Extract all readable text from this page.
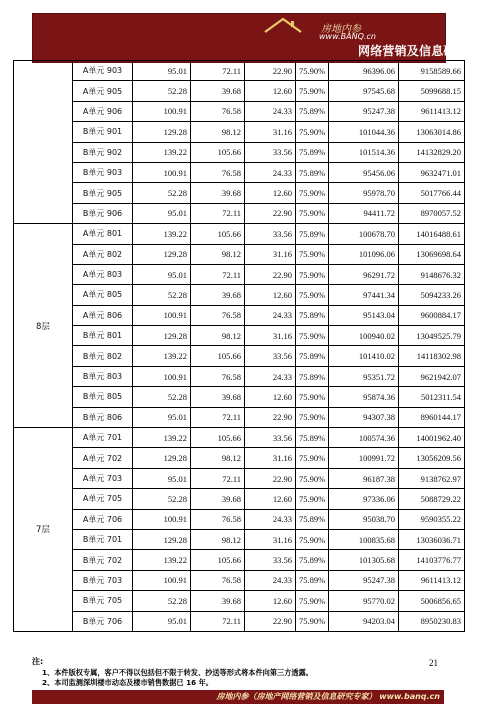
房地内参
www.BANQ.cn
网络营销及信息研究专家
	A单元 903	95.01	72.11	22.90	75.90%	96396.06	9158589.66
	A单元 905	52.28	39.68	12.60	75.90%	97545.68	5099688.15
	A单元 906	100.91	76.58	24.33	75.89%	95247.38	9611413.12
	B单元 901	129.28	98.12	31.16	75.90%	101044.36	13063014.86
	B单元 902	139.22	105.66	33.56	75.89%	101514.36	14132829.20
	B单元 903	100.91	76.58	24.33	75.89%	95456.06	9632471.01
	B单元 905	52.28	39.68	12.60	75.90%	95978.70	5017766.44
	B单元 906	95.01	72.11	22.90	75.90%	94411.72	8970057.52
8层	A单元 801	139.22	105.66	33.56	75.89%	100678.70	14016488.61
	A单元 802	129.28	98.12	31.16	75.90%	101096.06	13069698.64
	A单元 803	95.01	72.11	22.90	75.90%	96291.72	9148676.32
	A单元 805	52.28	39.68	12.60	75.90%	97441.34	5094233.26
	A单元 806	100.91	76.58	24.33	75.89%	95143.04	9600884.17
	B单元 801	129.28	98.12	31.16	75.90%	100940.02	13049525.79
	B单元 802	139.22	105.66	33.56	75.89%	101410.02	14118302.98
	B单元 803	100.91	76.58	24.33	75.89%	95351.72	9621942.07
	B单元 805	52.28	39.68	12.60	75.90%	95874.36	5012311.54
	B单元 806	95.01	72.11	22.90	75.90%	94307.38	8960144.17
7层	A单元 701	139.22	105.66	33.56	75.89%	100574.36	14001962.40
	A单元 702	129.28	98.12	31.16	75.90%	100991.72	13056209.56
	A单元 703	95.01	72.11	22.90	75.90%	96187.38	9138762.97
	A单元 705	52.28	39.68	12.60	75.90%	97336.06	5088729.22
	A单元 706	100.91	76.58	24.33	75.89%	95038.70	9590355.22
	B单元 701	129.28	98.12	31.16	75.90%	100835.68	13036036.71
	B单元 702	139.22	105.66	33.56	75.89%	101305.68	14103776.77
	B单元 703	100.91	76.58	24.33	75.89%	95247.38	9611413.12
	B单元 705	52.28	39.68	12.60	75.90%	95770.02	5006856.65
	B单元 706	95.01	72.11	22.90	75.90%	94203.04	8950230.83
注:
1、本件版权专属，客户不得以包括但不限于转发、抄送等形式将本件向第三方透露。
2、本司监测深圳楼市动态及楼市销售数据已 16 年。
21
房地内参（房地产网络营销及信息研究专家） www.banq.cn
